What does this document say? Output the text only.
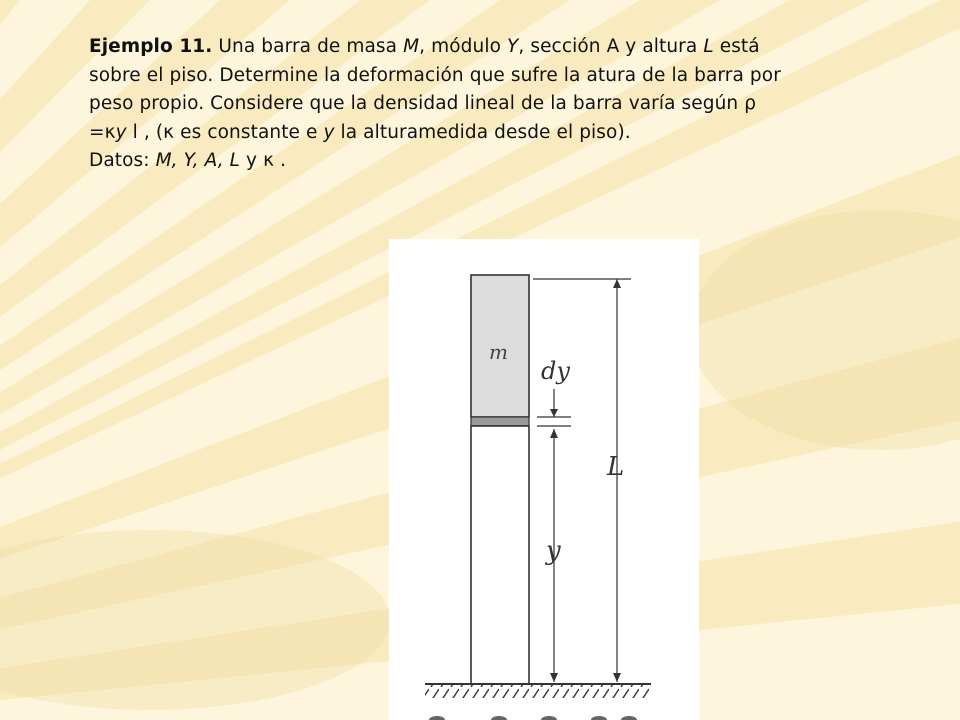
Ejemplo 11. Una barra de masa M, módulo Y, sección A y altura L está

sobre el piso. Determine la deformación que sufre la atura de la barra por

peso propio. Considere que la densidad lineal de la barra varía según ρ

=κy l , (κ es constante e y la alturamedida desde el piso).

Datos: M, Y, A, L y κ .

m
dy
y
L
